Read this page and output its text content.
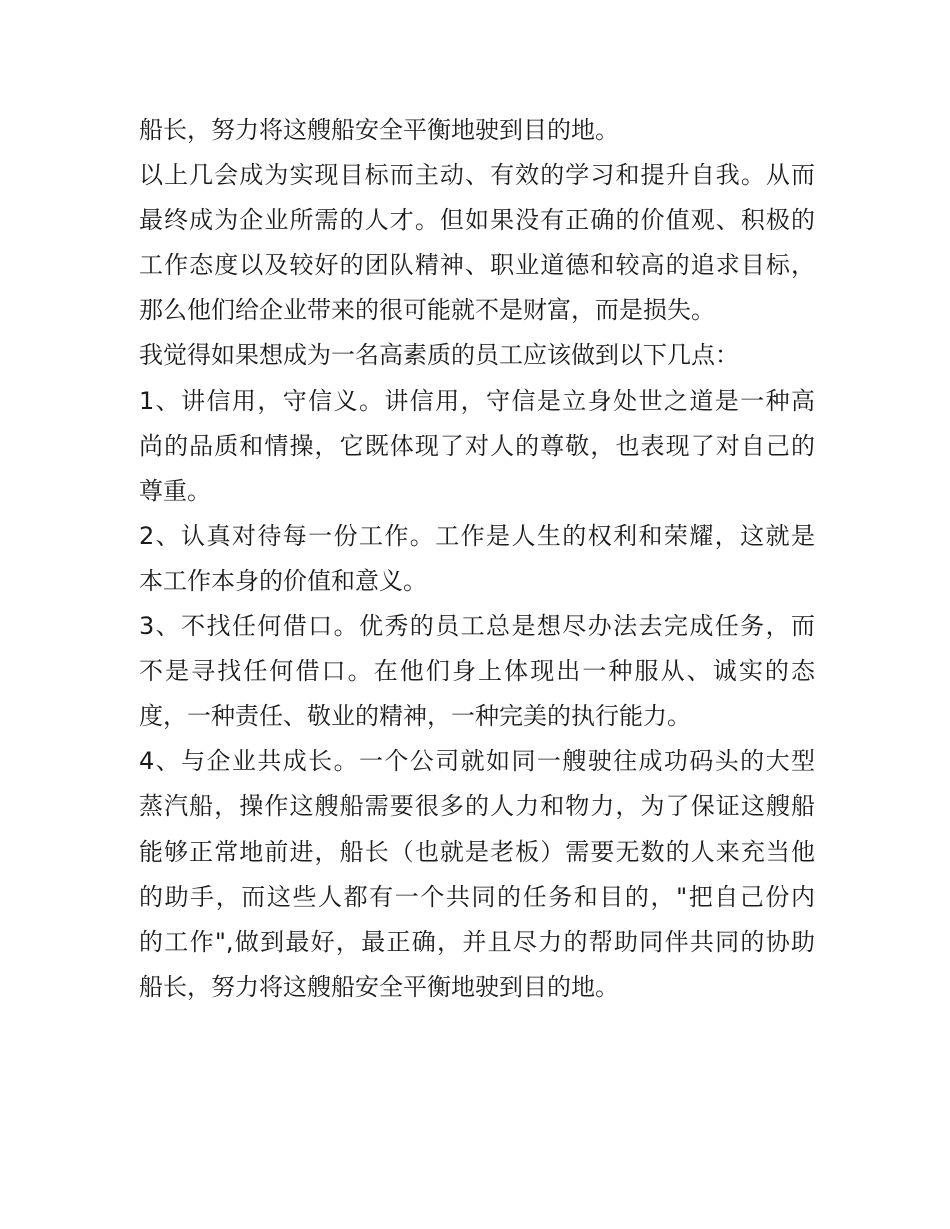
船长，努力将这艘船安全平衡地驶到目的地。
以上几会成为实现目标而主动、有效的学习和提升自我。从而
最终成为企业所需的人才。但如果没有正确的价值观、积极的
工作态度以及较好的团队精神、职业道德和较高的追求目标，
那么他们给企业带来的很可能就不是财富，而是损失。
我觉得如果想成为一名高素质的员工应该做到以下几点：
1、讲信用，守信义。讲信用，守信是立身处世之道是一种高
尚的品质和情操，它既体现了对人的尊敬，也表现了对自己的
尊重。
2、认真对待每一份工作。工作是人生的权利和荣耀，这就是
本工作本身的价值和意义。
3、不找任何借口。优秀的员工总是想尽办法去完成任务，而
不是寻找任何借口。在他们身上体现出一种服从、诚实的态
度，一种责任、敬业的精神，一种完美的执行能力。
4、与企业共成长。一个公司就如同一艘驶往成功码头的大型
蒸汽船，操作这艘船需要很多的人力和物力，为了保证这艘船
能够正常地前进，船长（也就是老板）需要无数的人来充当他
的助手，而这些人都有一个共同的任务和目的，"把自己份内
的工作",做到最好，最正确，并且尽力的帮助同伴共同的协助
船长，努力将这艘船安全平衡地驶到目的地。
